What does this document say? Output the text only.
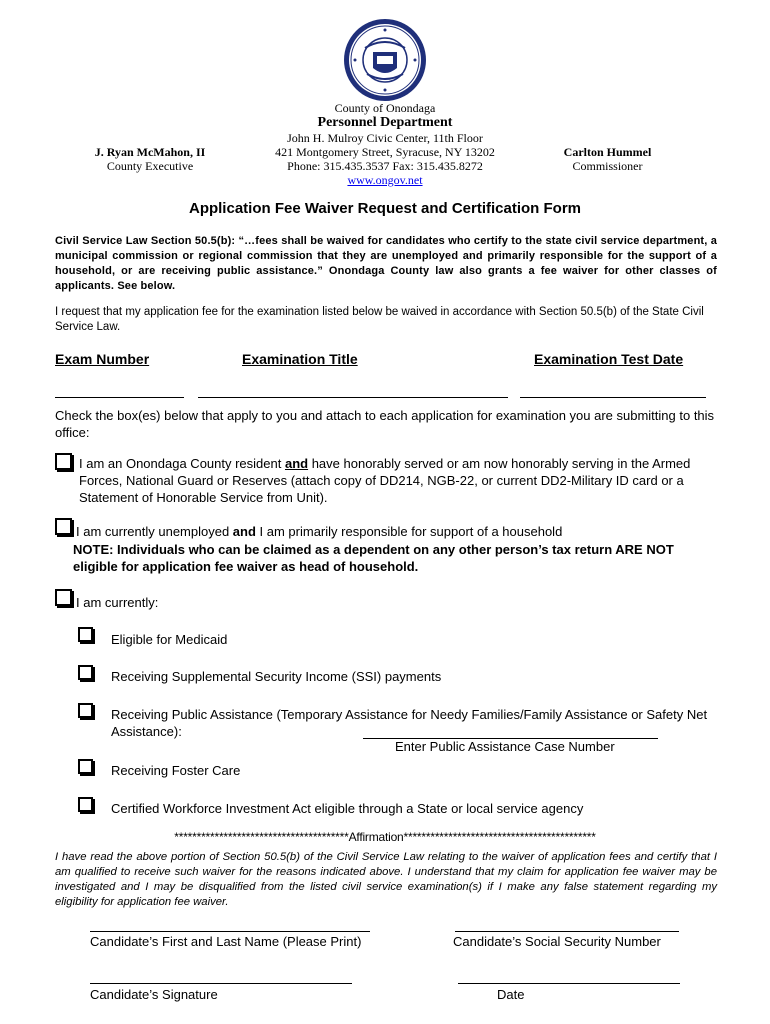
County of Onondaga
Personnel Department
John H. Mulroy Civic Center, 11th Floor
421 Montgomery Street, Syracuse, NY 13202
Phone: 315.435.3537 Fax: 315.435.8272
www.ongov.net
J. Ryan McMahon, II
County Executive
Carlton Hummel
Commissioner
Application Fee Waiver Request and Certification Form
Civil Service Law Section 50.5(b): “…fees shall be waived for candidates who certify to the state civil service department, a municipal commission or regional commission that they are unemployed and primarily responsible for the support of a household, or are receiving public assistance.” Onondaga County law also grants a fee waiver for other classes of applicants. See below.
I request that my application fee for the examination listed below be waived in accordance with Section 50.5(b) of the State Civil Service Law.
Exam Number	Examination Title	Examination Test Date
Check the box(es) below that apply to you and attach to each application for examination you are submitting to this office:
I am an Onondaga County resident and have honorably served or am now honorably serving in the Armed Forces, National Guard or Reserves (attach copy of DD214, NGB-22, or current DD2-Military ID card or a Statement of Honorable Service from Unit).
I am currently unemployed and I am primarily responsible for support of a household
NOTE: Individuals who can be claimed as a dependent on any other person’s tax return ARE NOT eligible for application fee waiver as head of household.
I am currently:
Eligible for Medicaid
Receiving Supplemental Security Income (SSI) payments
Receiving Public Assistance (Temporary Assistance for Needy Families/Family Assistance or Safety Net Assistance):
Enter Public Assistance Case Number
Receiving Foster Care
Certified Workforce Investment Act eligible through a State or local service agency
***************************************Affirmation*******************************************
I have read the above portion of Section 50.5(b) of the Civil Service Law relating to the waiver of application fees and certify that I am qualified to receive such waiver for the reasons indicated above. I understand that my claim for application fee waiver may be investigated and I may be disqualified from the listed civil service examination(s) if I make any false statement regarding my eligibility for application fee waiver.
Candidate’s First and Last Name (Please Print)	Candidate’s Social Security Number
Candidate’s Signature	Date
